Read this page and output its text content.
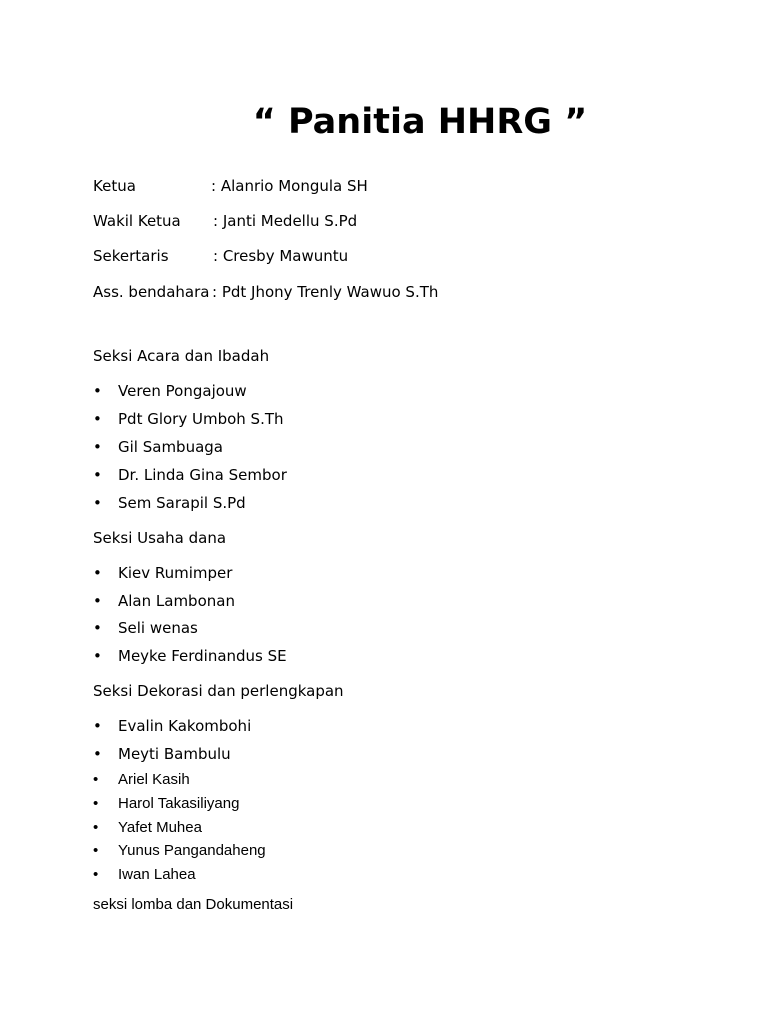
“ Panitia HHRG ”
Ketua	: Alanrio Mongula SH
Wakil Ketua : Janti Medellu S.Pd
Sekertaris	: Cresby Mawuntu
Ass. bendahara : Pdt Jhony Trenly Wawuo S.Th
Seksi Acara dan Ibadah
• Veren Pongajouw
• Pdt Glory Umboh S.Th
• Gil Sambuaga
• Dr. Linda Gina Sembor
• Sem Sarapil S.Pd
Seksi Usaha dana
• Kiev Rumimper
• Alan Lambonan
• Seli wenas
• Meyke Ferdinandus SE
Seksi Dekorasi dan perlengkapan
• Evalin Kakombohi
• Meyti Bambulu
•	Ariel Kasih
•	Harol Takasiliyang
•	Yafet Muhea
•	Yunus Pangandaheng
•	Iwan Lahea
seksi lomba dan Dokumentasi
